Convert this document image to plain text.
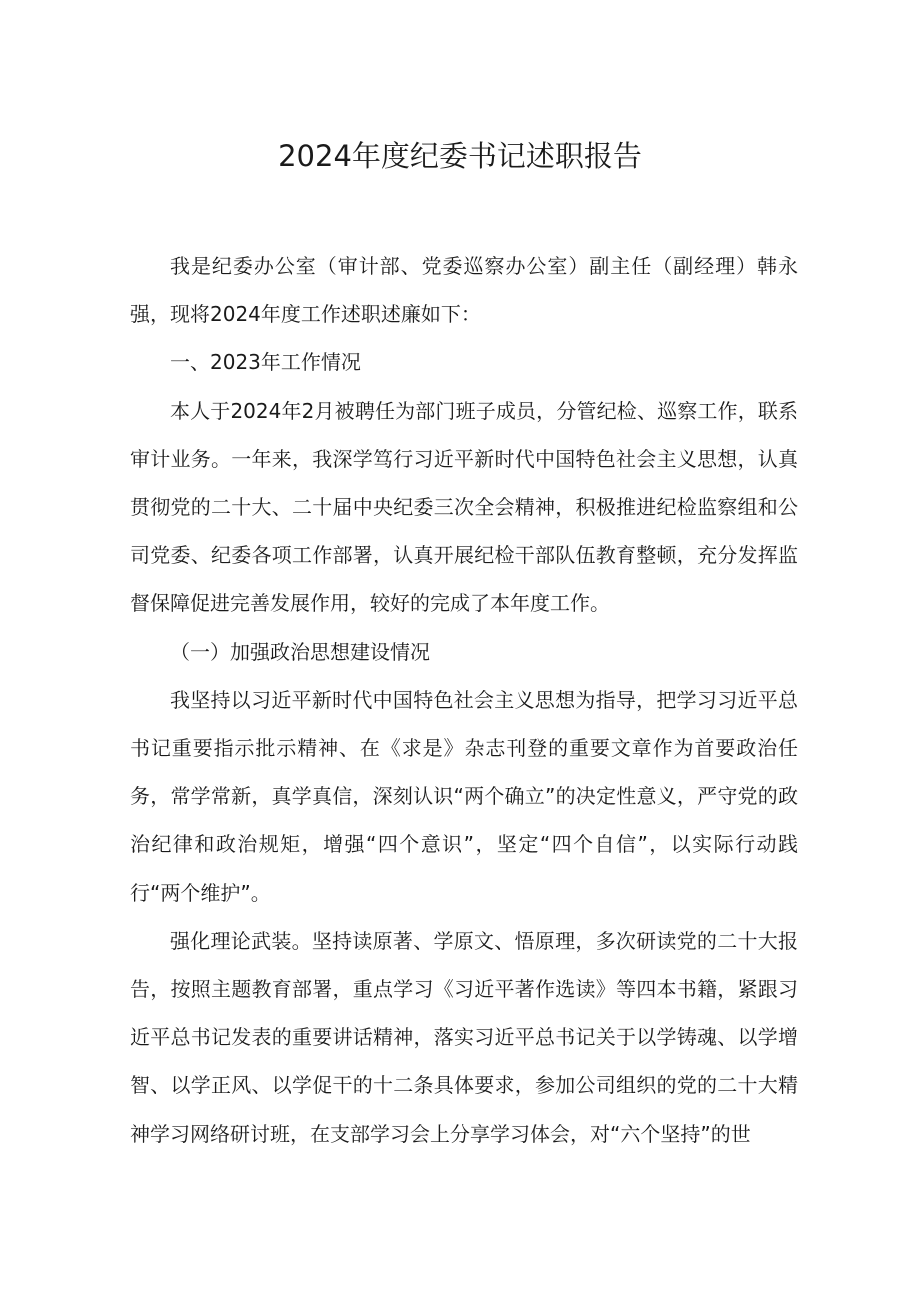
2024年度纪委书记述职报告

我是纪委办公室（审计部、党委巡察办公室）副主任（副经理）韩永强，现将2024年度工作述职述廉如下：

一、2023年工作情况

本人于2024年2月被聘任为部门班子成员，分管纪检、巡察工作，联系审计业务。一年来，我深学笃行习近平新时代中国特色社会主义思想，认真贯彻党的二十大、二十届中央纪委三次全会精神，积极推进纪检监察组和公司党委、纪委各项工作部署，认真开展纪检干部队伍教育整顿，充分发挥监督保障促进完善发展作用，较好的完成了本年度工作。

（一）加强政治思想建设情况

我坚持以习近平新时代中国特色社会主义思想为指导，把学习习近平总书记重要指示批示精神、在《求是》杂志刊登的重要文章作为首要政治任务，常学常新，真学真信，深刻认识“两个确立”的决定性意义，严守党的政治纪律和政治规矩，增强“四个意识”，坚定“四个自信”，以实际行动践行“两个维护”。

强化理论武装。坚持读原著、学原文、悟原理，多次研读党的二十大报告，按照主题教育部署，重点学习《习近平著作选读》等四本书籍，紧跟习近平总书记发表的重要讲话精神，落实习近平总书记关于以学铸魂、以学增智、以学正风、以学促干的十二条具体要求，参加公司组织的党的二十大精神学习网络研讨班，在支部学习会上分享学习体会，对“六个坚持”的世
